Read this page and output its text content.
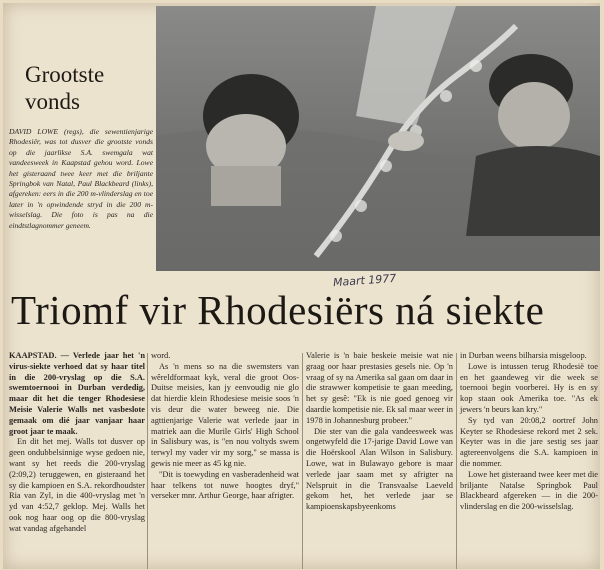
Grootste vonds
DAVID LOWE (regs), die sewentienjarige Rhodesiër, was tot dusver die grootste vonds op die jaarlikse S.A. swemgala wat vandeesweek in Kaapstad gehou word. Lowe het gisteraand twee keer met die briljante Springbok van Natal, Paul Blackbeard (links), afgereken: eers in die 200 m-vlinderslag en toe later in 'n opwindende stryd in die 200 m-wisselslag. Die foto is pas na die eindtstlagnommer geneem.
Maart 1977
Triomf vir Rhodesiërs ná siekte

KAAPSTAD. — Verlede jaar het 'n virus-siekte verhoed dat sy haar titel in die 200-vryslag op die S.A. swemtoernooi in Durban verdedig, maar dit het die tenger Rhodesiese Meisie Valerie Walls net vasbeslote gemaak om dié jaar vanjaar haar groot jaar te maak.

En dit het mej. Walls tot dusver op geen ondubbelsinnige wyse gedoen nie, want sy het reeds die 200-vryslag (2:09,2) teruggewen, en gisteraand het sy die kampioen en S.A. rekordhoudster Ria van Zyl, in die 400-vryslag met 'n yd van 4:52,7 geklop. Mej. Walls het ook nog haar oog op die 800-vryslag wat vandag afgehandel

word.

As 'n mens so na die swemsters van wêreldformaat kyk, veral die groot Oos-Duitse meisies, kan jy eenvoudig nie glo dat hierdie klein Rhodesiese meisie soos 'n vis deur die water beweeg nie. Die agttienjarige Valerie wat verlede jaar in matriek aan die Murile Girls' High School in Salisbury was, is "en nou voltyds swem terwyl my vader vir my sorg," se massa is gewis nie meer as 45 kg nie.

"Dit is toewyding en vasberadenheid wat haar telkens tot nuwe hoogtes dryf," verseker mnr. Arthur George, haar afrigter.

Valerie is 'n baie beskeie meisie wat nie graag oor haar prestasies gesels nie. Op 'n vraag of sy na Amerika sal gaan om daar in die strawwer kompetisie te gaan meeding, het sy gesê: "Ek is nie goed genoeg vir daardie kompetisie nie. Ek sal maar weer in 1978 in Johannesburg probeer."

Die ster van die gala vandeesweek was ongetwyfeld die 17-jarige David Lowe van die Hoërskool Alan Wilson in Salisbury. Lowe, wat in Bulawayo gebore is maar verlede jaar saam met sy afrigter na Nelspruit in die Transvaalse Laeveld gekom het, het verlede jaar se kampioenskapsbyeenkoms

in Durban weens bilharsia misgeloop.

Lowe is intussen terug Rhodesië toe en het gaandeweg vir die week se toernooi begin voorberei. Hy is en sy kop staan ook Amerika toe. "As ek jewers 'n beurs kan kry."

Sy tyd van 20:08,2 oortref John Keyter se Rhodesiese rekord met 2 sek. Keyter was in die jare sestig ses jaar agtereenvolgens die S.A. kampioen in die nommer.

Lowe het gisteraand twee keer met die briljante Natalse Springbok Paul Blackbeard afgereken — in die 200-vlinderslag en die 200-wisselslag.
